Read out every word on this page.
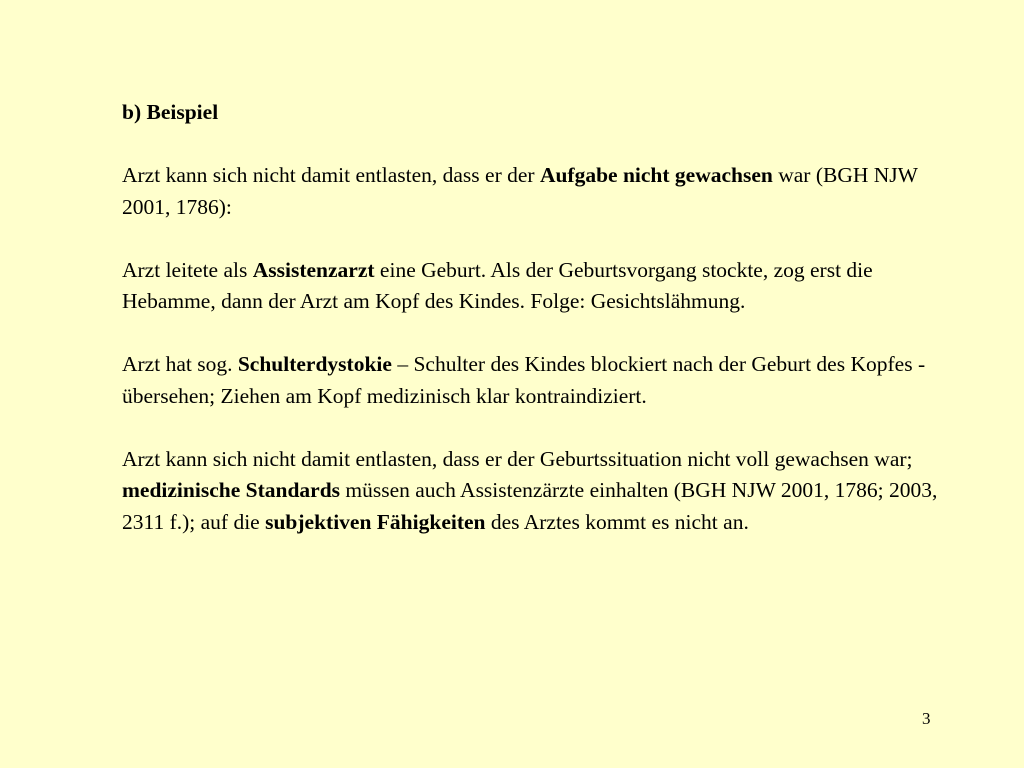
b) Beispiel

Arzt kann sich nicht damit entlasten, dass er der Aufgabe nicht gewachsen war (BGH NJW 2001, 1786):

Arzt leitete als Assistenzarzt eine Geburt. Als der Geburtsvorgang stockte, zog erst die Hebamme, dann der Arzt am Kopf des Kindes. Folge: Gesichtslähmung.

Arzt hat sog. Schulterdystokie – Schulter des Kindes blockiert nach der Geburt des Kopfes - übersehen; Ziehen am Kopf medizinisch klar kontraindiziert.

Arzt kann sich nicht damit entlasten, dass er der Geburtssituation nicht voll gewachsen war; medizinische Standards müssen auch Assistenzärzte einhalten (BGH NJW 2001, 1786; 2003, 2311 f.); auf die subjektiven Fähigkeiten des Arztes kommt es nicht an.

3
